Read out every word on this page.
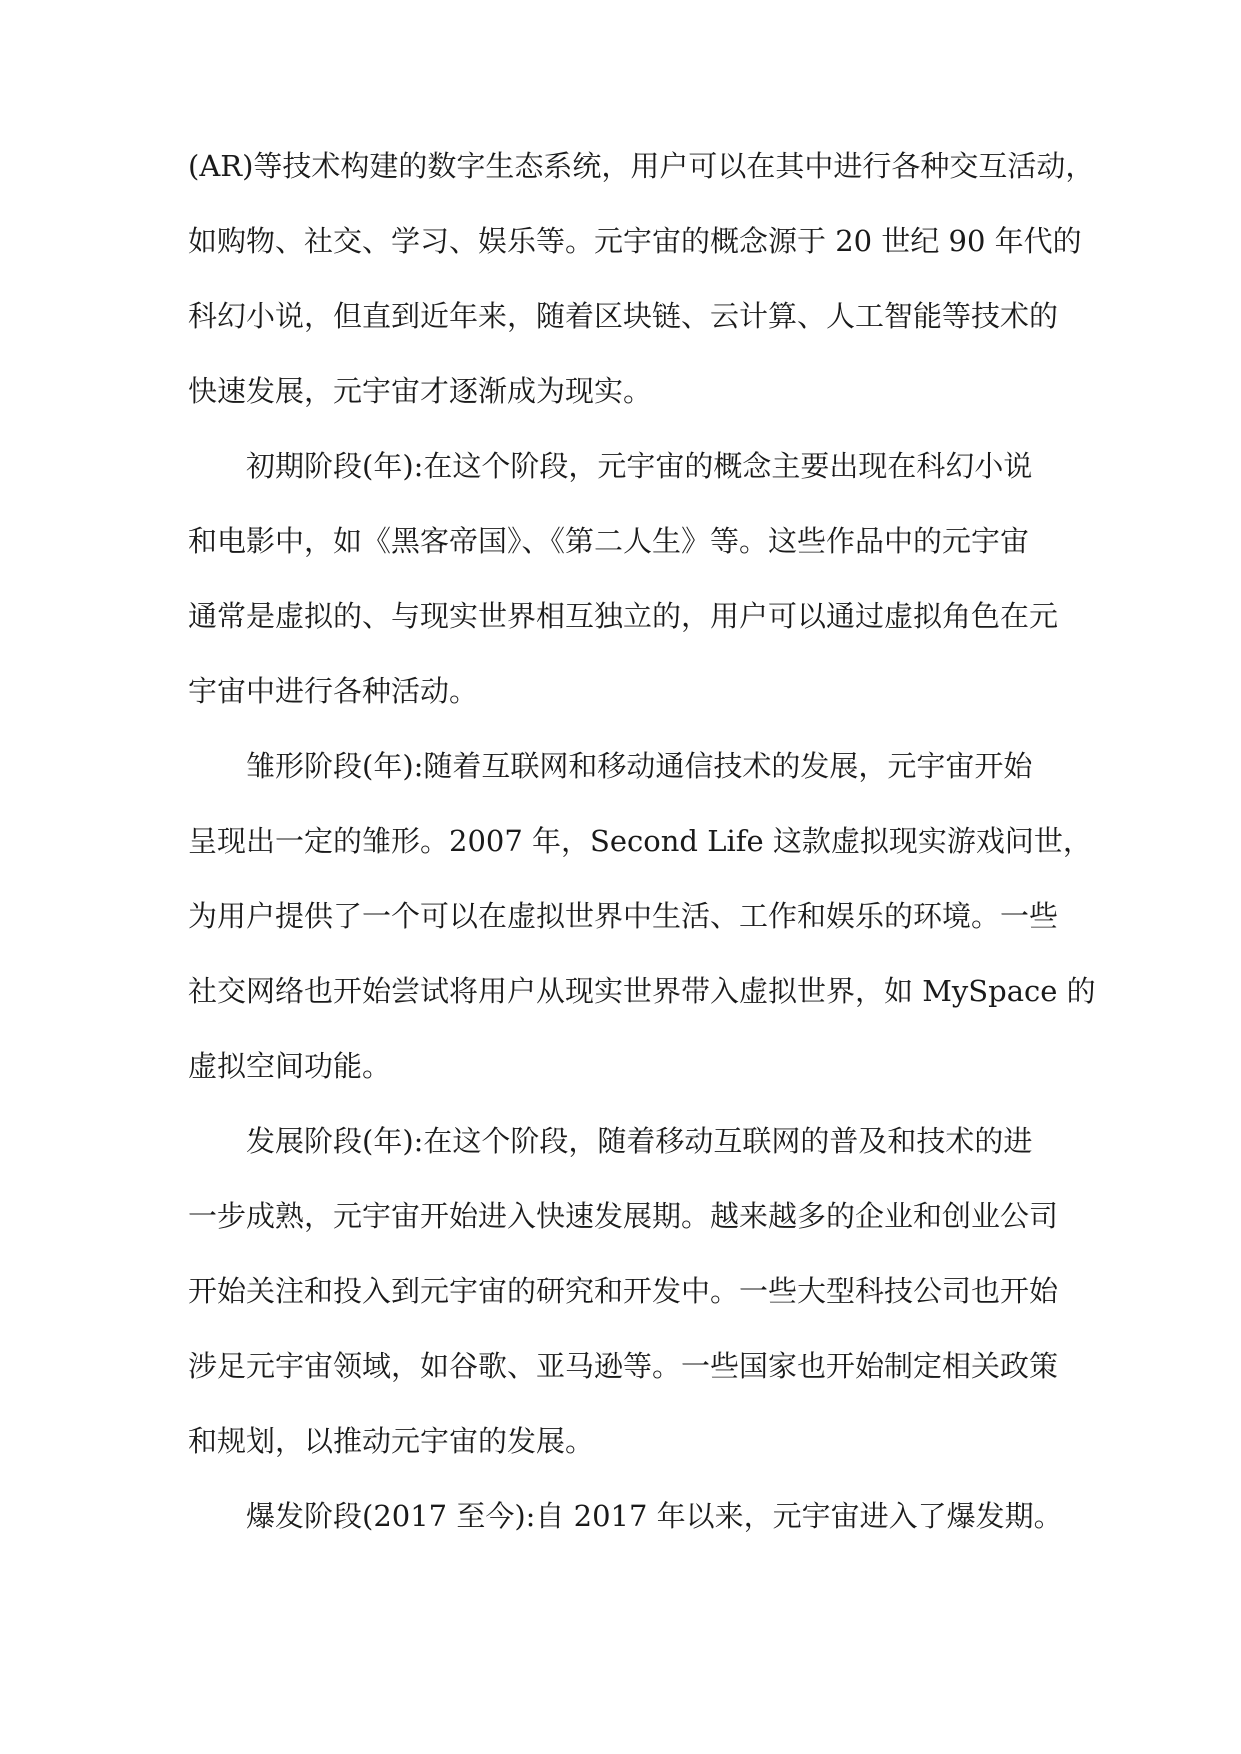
(AR)等技术构建的数字生态系统，用户可以在其中进行各种交互活动，
如购物、社交、学习、娱乐等。元宇宙的概念源于 20 世纪 90 年代的
科幻小说，但直到近年来，随着区块链、云计算、人工智能等技术的
快速发展，元宇宙才逐渐成为现实。
初期阶段(年):在这个阶段，元宇宙的概念主要出现在科幻小说
和电影中，如《黑客帝国》、《第二人生》等。这些作品中的元宇宙
通常是虚拟的、与现实世界相互独立的，用户可以通过虚拟角色在元
宇宙中进行各种活动。
雏形阶段(年):随着互联网和移动通信技术的发展，元宇宙开始
呈现出一定的雏形。2007 年，Second Life 这款虚拟现实游戏问世，
为用户提供了一个可以在虚拟世界中生活、工作和娱乐的环境。一些
社交网络也开始尝试将用户从现实世界带入虚拟世界，如 MySpace 的
虚拟空间功能。
发展阶段(年):在这个阶段，随着移动互联网的普及和技术的进
一步成熟，元宇宙开始进入快速发展期。越来越多的企业和创业公司
开始关注和投入到元宇宙的研究和开发中。一些大型科技公司也开始
涉足元宇宙领域，如谷歌、亚马逊等。一些国家也开始制定相关政策
和规划，以推动元宇宙的发展。
爆发阶段(2017 至今):自 2017 年以来，元宇宙进入了爆发期。
